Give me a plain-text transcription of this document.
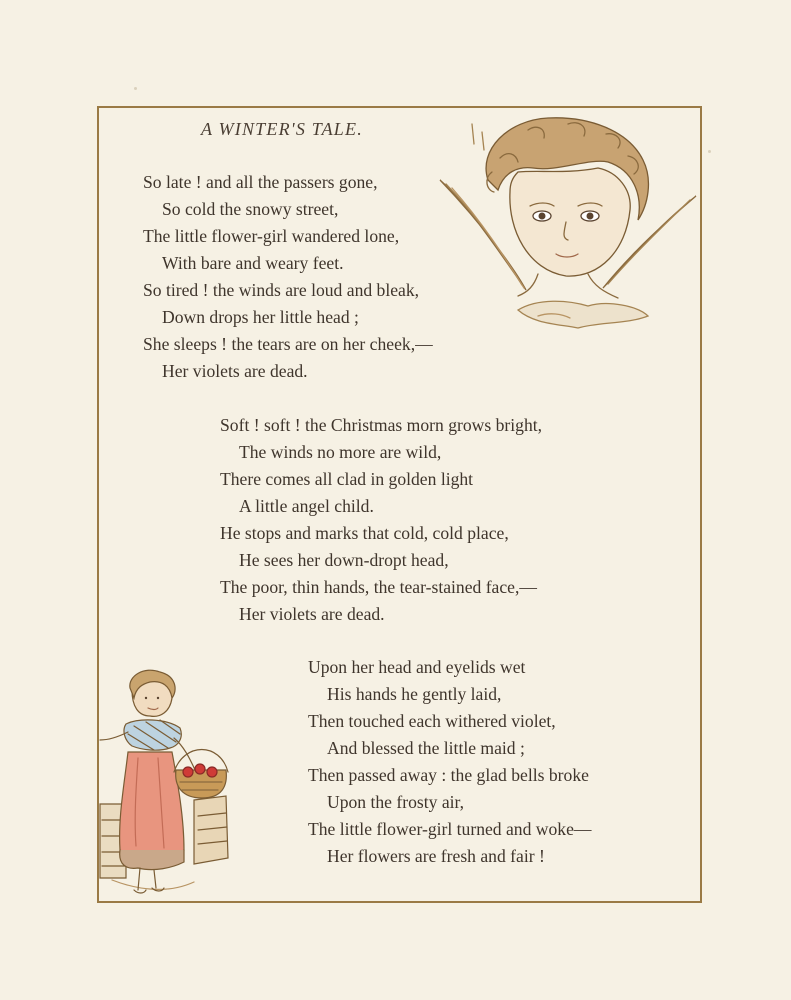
A WINTER'S TALE.
So late ! and all the passers gone,
So cold the snowy street,
The little flower-girl wandered lone,
With bare and weary feet.
So tired ! the winds are loud and bleak,
Down drops her little head ;
She sleeps ! the tears are on her cheek,—
Her violets are dead.
Soft ! soft ! the Christmas morn grows bright,
The winds no more are wild,
There comes all clad in golden light
A little angel child.
He stops and marks that cold, cold place,
He sees her down-dropt head,
The poor, thin hands, the tear-stained face,—
Her violets are dead.
Upon her head and eyelids wet
His hands he gently laid,
Then touched each withered violet,
And blessed the little maid ;
Then passed away : the glad bells broke
Upon the frosty air,
The little flower-girl turned and woke—
Her flowers are fresh and fair !
